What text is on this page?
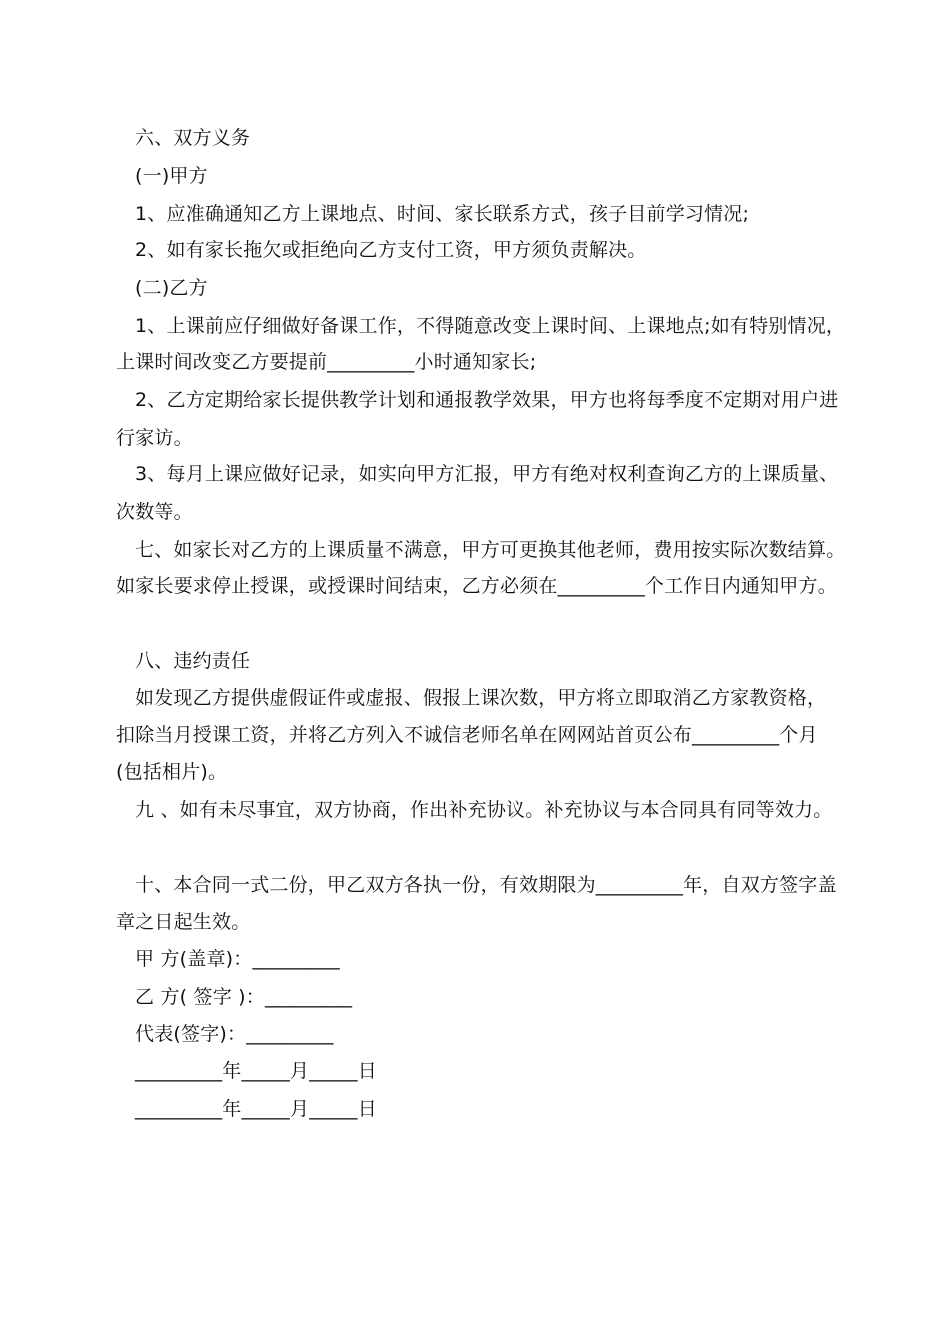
六、双方义务
(一)甲方
1、应准确通知乙方上课地点、时间、家长联系方式，孩子目前学习情况;
2、如有家长拖欠或拒绝向乙方支付工资，甲方须负责解决。
(二)乙方
1、上课前应仔细做好备课工作，不得随意改变上课时间、上课地点;如有特别情况，
上课时间改变乙方要提前_________小时通知家长;
2、乙方定期给家长提供教学计划和通报教学效果，甲方也将每季度不定期对用户进
行家访。
3、每月上课应做好记录，如实向甲方汇报，甲方有绝对权利查询乙方的上课质量、
次数等。
七、如家长对乙方的上课质量不满意，甲方可更换其他老师，费用按实际次数结算。
如家长要求停止授课，或授课时间结束，乙方必须在_________个工作日内通知甲方。
八、违约责任
如发现乙方提供虚假证件或虚报、假报上课次数，甲方将立即取消乙方家教资格，
扣除当月授课工资，并将乙方列入不诚信老师名单在网网站首页公布_________个月
(包括相片)。
九 、如有未尽事宜，双方协商，作出补充协议。补充协议与本合同具有同等效力。
十、本合同一式二份，甲乙双方各执一份，有效期限为_________年，自双方签字盖
章之日起生效。
甲 方(盖章)：_________
乙 方( 签字 )：_________
代表(签字)：_________
_________年_____月_____日
_________年_____月_____日
